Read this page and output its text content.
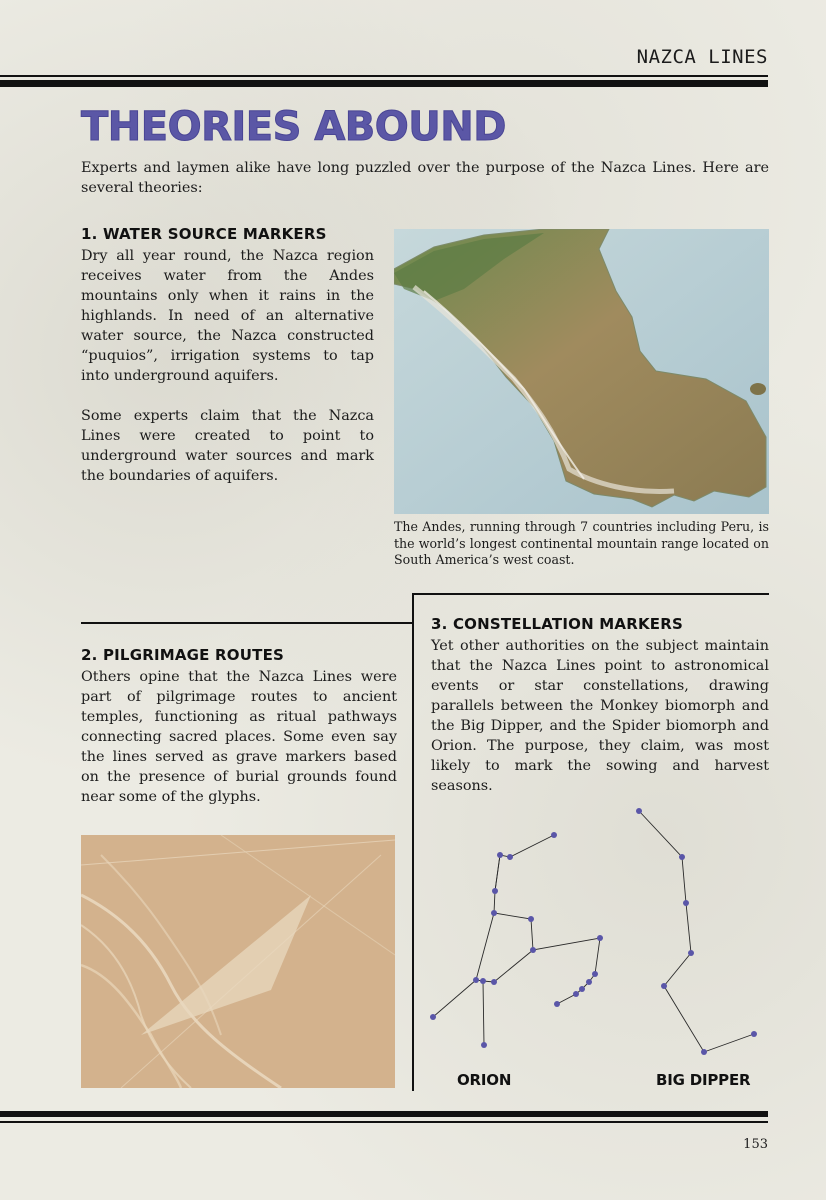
NAZCA LINES
THEORIES ABOUND

Experts and laymen alike have long puzzled over the purpose of the Nazca Lines. Here are several theories:

1. WATER SOURCE MARKERS

Dry all year round, the Nazca region receives water from the Andes mountains only when it rains in the highlands. In need of an alternative water source, the Nazca constructed “puquios”, irrigation systems to tap into underground aquifers.

Some experts claim that the Nazca Lines were created to point to underground water sources and mark the boundaries of aquifers.

The Andes, running through 7 countries including Peru, is the world’s longest continental mountain range located on South America’s west coast.

2. PILGRIMAGE ROUTES

Others opine that the Nazca Lines were part of pilgrimage routes to ancient temples, functioning as ritual pathways connecting sacred places. Some even say the lines served as grave markers based on the presence of burial grounds found near some of the glyphs.

3. CONSTELLATION MARKERS

Yet other authorities on the subject maintain that the Nazca Lines point to astronomical events or star constellations, drawing parallels between the Monkey biomorph and the Big Dipper, and the Spider biomorph and Orion. The purpose, they claim, was most likely to mark the sowing and harvest seasons.

ORION	BIG DIPPER

153
